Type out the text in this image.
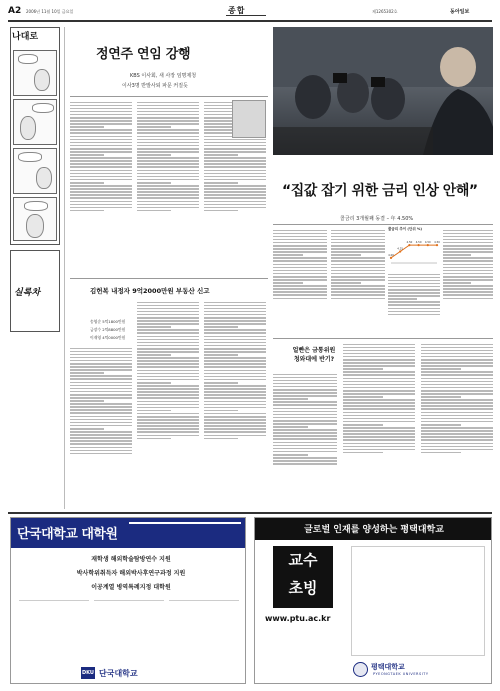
A2 2006년 11월 10일 금요일	종합	제1265302호	동아일보
나대로
실록차

정연주 연임 강행
KBS 이사회, 새 사장 임명제청
이사3명 반발사퇴 파문 커질듯
“집값 잡기 위한 금리 인상 안해”
콜금리 3개월째 동결 – 年 4.50%
콜금리 추이 (단위 %)
4.00
4.25
4.50 4.50 4.50 4.50
김헌복 내정자 9억2000만원 부동산 신고
송영순 5억1800만원
금장수 2억8800만원
이재영 4억0000만원
얼빤은 금통위원 청와대에 반기?
단국대학교 대학원
재학생 해외학술탐방연수 지원
박사학위취득자 해외박사후연구과정 지원
이공계열 병역특례지정 대학원
DKU 단국대학교
글로벌 인재를 양성하는 평택대학교
교수
초빙
www.ptu.ac.kr
평택대학교
PYEONGTAEK UNIVERSITY
